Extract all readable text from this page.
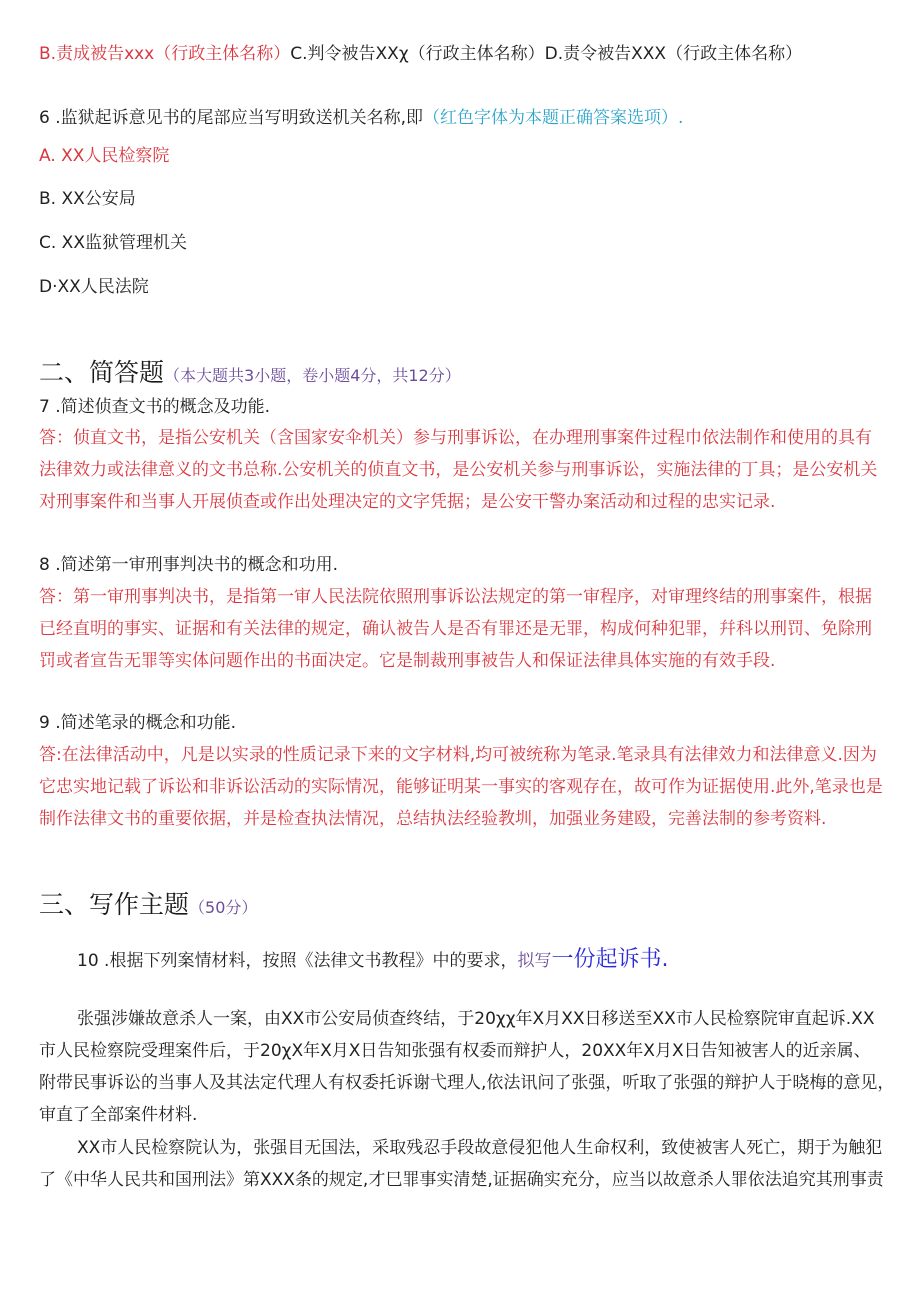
B.责成被告xxx（行政主体名称）C.判令被告XXχ（行政主体名称）D.责令被告XXX（行政主体名称）
6 .监狱起诉意见书的尾部应当写明致送机关名称,即（红色字体为本题正确答案选项）.
A. XX人民检察院
B. XX公安局
C. XX监狱管理机关
D·XX人民法院
二、简答题（本大题共3小题，卷小题4分，共12分）
7 .简述侦查文书的概念及功能.
答：侦直文书，是指公安机关（含国家安伞机关）参与刑事诉讼，在办理刑事案件过程巾依法制作和使用的具有
法律效力或法律意义的文书总称.公安机关的侦直文书，是公安机关参与刑事诉讼，实施法律的丁具；是公安机关
对刑事案件和当事人开展侦查或作出处理决定的文字凭据；是公安干警办案活动和过程的忠实记录.
8 .简述第一审刑事判决书的概念和功用.
答：第一审刑事判决书，是指第一审人民法院依照刑事诉讼法规定的第一审程序，对审理终结的刑事案件，根据
已经直明的事实、证据和有关法律的规定，确认被告人是否有罪还是无罪，构成何种犯罪，幷科以刑罚、免除刑
罚或者宣告无罪等实体问题作出的书面决定。它是制裁刑事被告人和保证法律具体实施的有效手段.
9 .简述笔录的概念和功能.
答:在法律活动中，凡是以实录的性质记录下来的文字材料,均可被统称为笔录.笔录具有法律效力和法律意义.因为
它忠实地记载了诉讼和非诉讼活动的实际情况，能够证明某一事实的客观存在，故可作为证据使用.此外,笔录也是
制作法律文书的重要依据，并是检查执法情况，总结执法经验教圳，加强业务建殴，完善法制的参考资料.
三、写作主题（50分）
10 .根据下列案情材料，按照《法律文书教程》中的要求，拟写一份起诉书.
张强涉嫌故意杀人一案，由XX市公安局侦查终结，于20χχ年X月XX日移送至XX市人民检察院审直起诉.XX
市人民检察院受理案件后，于20χX年X月X日告知张强有权委而辩护人，20XX年X月X日告知被害人的近亲属、
附带民事诉讼的当事人及其法定代理人有权委托诉谢弋理人,依法讯问了张强，听取了张强的辩护人于晓梅的意见，
审直了全部案件材料.
XX市人民检察院认为，张强目无国法，采取残忍手段故意侵犯他人生命权利，致使被害人死亡，期于为触犯
了《中华人民共和国刑法》第XXX条的规定,才巳罪事实清楚,证据确实充分，应当以故意杀人罪依法追究其刑事责
